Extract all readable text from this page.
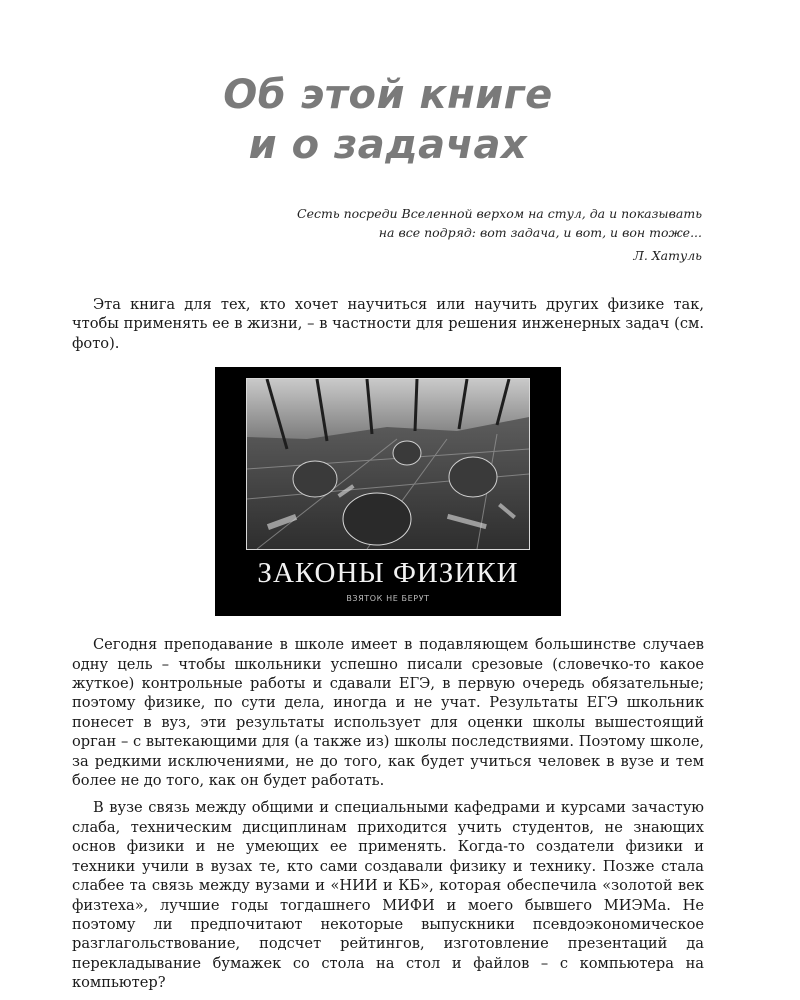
Об этой книге
и о задачах
Сесть посреди Вселенной верхом на стул, да и показывать
на все подряд: вот задача, и вот, и вон тоже...
Л. Хатуль

Эта книга для тех, кто хочет научиться или научить других физике так, чтобы применять ее в жизни, – в частности для решения инженерных задач (см. фото).

ЗАКОНЫ ФИЗИКИ
ВЗЯТОК НЕ БЕРУТ

Сегодня преподавание в школе имеет в подавляющем большинстве случаев одну цель – чтобы школьники успешно писали срезовые (словечко-то какое жуткое) контрольные работы и сдавали ЕГЭ, в первую очередь обязательные; поэтому физике, по сути дела, иногда и не учат. Результаты ЕГЭ школьник понесет в вуз, эти результаты использует для оценки школы вышестоящий орган – с вытекающими для (а также из) школы последствиями. Поэтому школе, за редкими исключениями, не до того, как будет учиться человек в вузе и тем более не до того, как он будет работать.

В вузе связь между общими и специальными кафедрами и курсами зачастую слаба, техническим дисциплинам приходится учить студентов, не знающих основ физики и не умеющих ее применять. Когда-то создатели физики и техники учили в вузах те, кто сами создавали физику и технику. Позже стала слабее та связь между вузами и «НИИ и КБ», которая обеспечила «золотой век физтеха», лучшие годы тогдашнего МИФИ и моего бывшего МИЭМа. Не поэтому ли предпочитают некоторые выпускники псевдоэкономическое разглагольствование, подсчет рейтингов, изготовление презентаций да перекладывание бумажек со стола на стол и файлов – с компьютера на компьютер?
